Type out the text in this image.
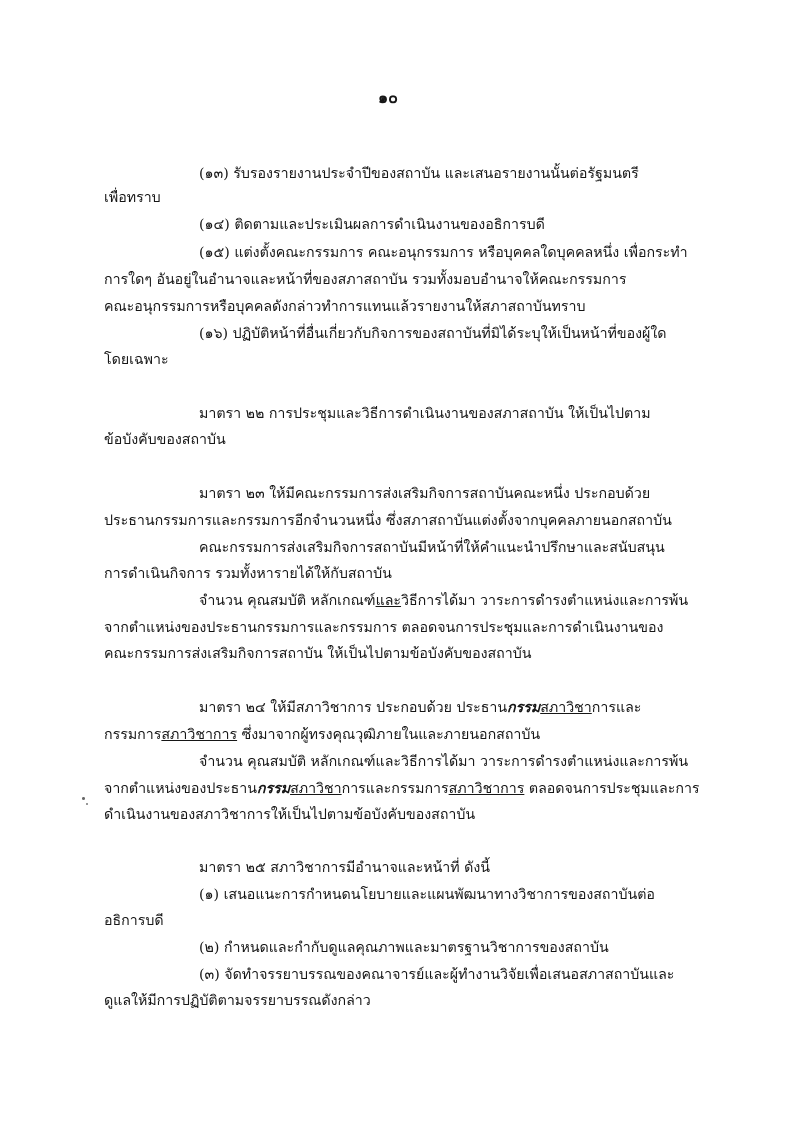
๑๐
(๑๓) รับรองรายงานประจำปีของสถาบัน และเสนอรายงานนั้นต่อรัฐมนตรี
เพื่อทราบ
(๑๔) ติดตามและประเมินผลการดำเนินงานของอธิการบดี
(๑๕) แต่งตั้งคณะกรรมการ คณะอนุกรรมการ หรือบุคคลใดบุคคลหนึ่ง เพื่อกระทำ
การใดๆ อันอยู่ในอำนาจและหน้าที่ของสภาสถาบัน รวมทั้งมอบอำนาจให้คณะกรรมการ
คณะอนุกรรมการหรือบุคคลดังกล่าวทำการแทนแล้วรายงานให้สภาสถาบันทราบ
(๑๖) ปฏิบัติหน้าที่อื่นเกี่ยวกับกิจการของสถาบันที่มิได้ระบุให้เป็นหน้าที่ของผู้ใด
โดยเฉพาะ
มาตรา ๒๒ การประชุมและวิธีการดำเนินงานของสภาสถาบัน ให้เป็นไปตาม
ข้อบังคับของสถาบัน
มาตรา ๒๓ ให้มีคณะกรรมการส่งเสริมกิจการสถาบันคณะหนึ่ง ประกอบด้วย
ประธานกรรมการและกรรมการอีกจำนวนหนึ่ง ซึ่งสภาสถาบันแต่งตั้งจากบุคคลภายนอกสถาบัน
คณะกรรมการส่งเสริมกิจการสถาบันมีหน้าที่ให้คำแนะนำปรึกษาและสนับสนุน
การดำเนินกิจการ รวมทั้งหารายได้ให้กับสถาบัน
จำนวน คุณสมบัติ หลักเกณฑ์และวิธีการได้มา วาระการดำรงตำแหน่งและการพ้น
จากตำแหน่งของประธานกรรมการและกรรมการ ตลอดจนการประชุมและการดำเนินงานของ
คณะกรรมการส่งเสริมกิจการสถาบัน ให้เป็นไปตามข้อบังคับของสถาบัน
มาตรา ๒๔ ให้มีสภาวิชาการ ประกอบด้วย ประธานกรรมสภาวิชาการและ
กรรมการสภาวิชาการ ซึ่งมาจากผู้ทรงคุณวุฒิภายในและภายนอกสถาบัน
จำนวน คุณสมบัติ หลักเกณฑ์และวิธีการได้มา วาระการดำรงตำแหน่งและการพ้น
จากตำแหน่งของประธานกรรมสภาวิชาการและกรรมการสภาวิชาการ ตลอดจนการประชุมและการ
ดำเนินงานของสภาวิชาการให้เป็นไปตามข้อบังคับของสถาบัน
มาตรา ๒๕ สภาวิชาการมีอำนาจและหน้าที่ ดังนี้
(๑) เสนอแนะการกำหนดนโยบายและแผนพัฒนาทางวิชาการของสถาบันต่อ
อธิการบดี
(๒) กำหนดและกำกับดูแลคุณภาพและมาตรฐานวิชาการของสถาบัน
(๓) จัดทำจรรยาบรรณของคณาจารย์และผู้ทำงานวิจัยเพื่อเสนอสภาสถาบันและ
ดูแลให้มีการปฏิบัติตามจรรยาบรรณดังกล่าว
